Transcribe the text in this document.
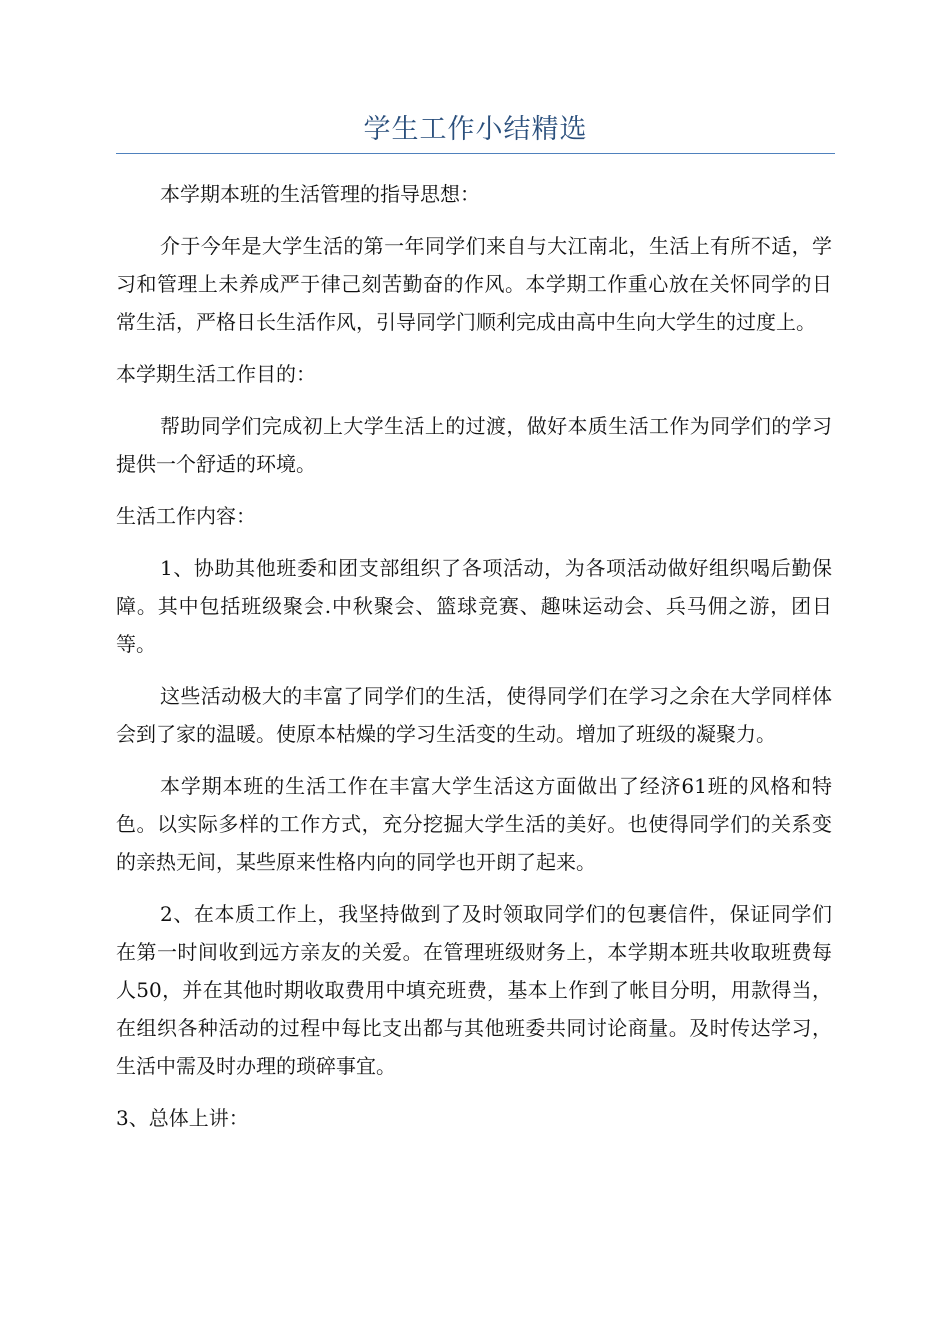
学生工作小结精选

本学期本班的生活管理的指导思想：

介于今年是大学生活的第一年同学们来自与大江南北，生活上有所不适，学习和管理上未养成严于律己刻苦勤奋的作风。本学期工作重心放在关怀同学的日常生活，严格日长生活作风，引导同学门顺利完成由高中生向大学生的过度上。

本学期生活工作目的：

帮助同学们完成初上大学生活上的过渡，做好本质生活工作为同学们的学习提供一个舒适的环境。

生活工作内容：

1、协助其他班委和团支部组织了各项活动，为各项活动做好组织喝后勤保障。其中包括班级聚会.中秋聚会、篮球竞赛、趣味运动会、兵马佣之游，团日等。

这些活动极大的丰富了同学们的生活，使得同学们在学习之余在大学同样体会到了家的温暖。使原本枯燥的学习生活变的生动。增加了班级的凝聚力。

本学期本班的生活工作在丰富大学生活这方面做出了经济61班的风格和特色。以实际多样的工作方式，充分挖掘大学生活的美好。也使得同学们的关系变的亲热无间，某些原来性格内向的同学也开朗了起来。

2、在本质工作上，我坚持做到了及时领取同学们的包裹信件，保证同学们在第一时间收到远方亲友的关爱。在管理班级财务上，本学期本班共收取班费每人50，并在其他时期收取费用中填充班费，基本上作到了帐目分明，用款得当，在组织各种活动的过程中每比支出都与其他班委共同讨论商量。及时传达学习，生活中需及时办理的琐碎事宜。

3、总体上讲：
